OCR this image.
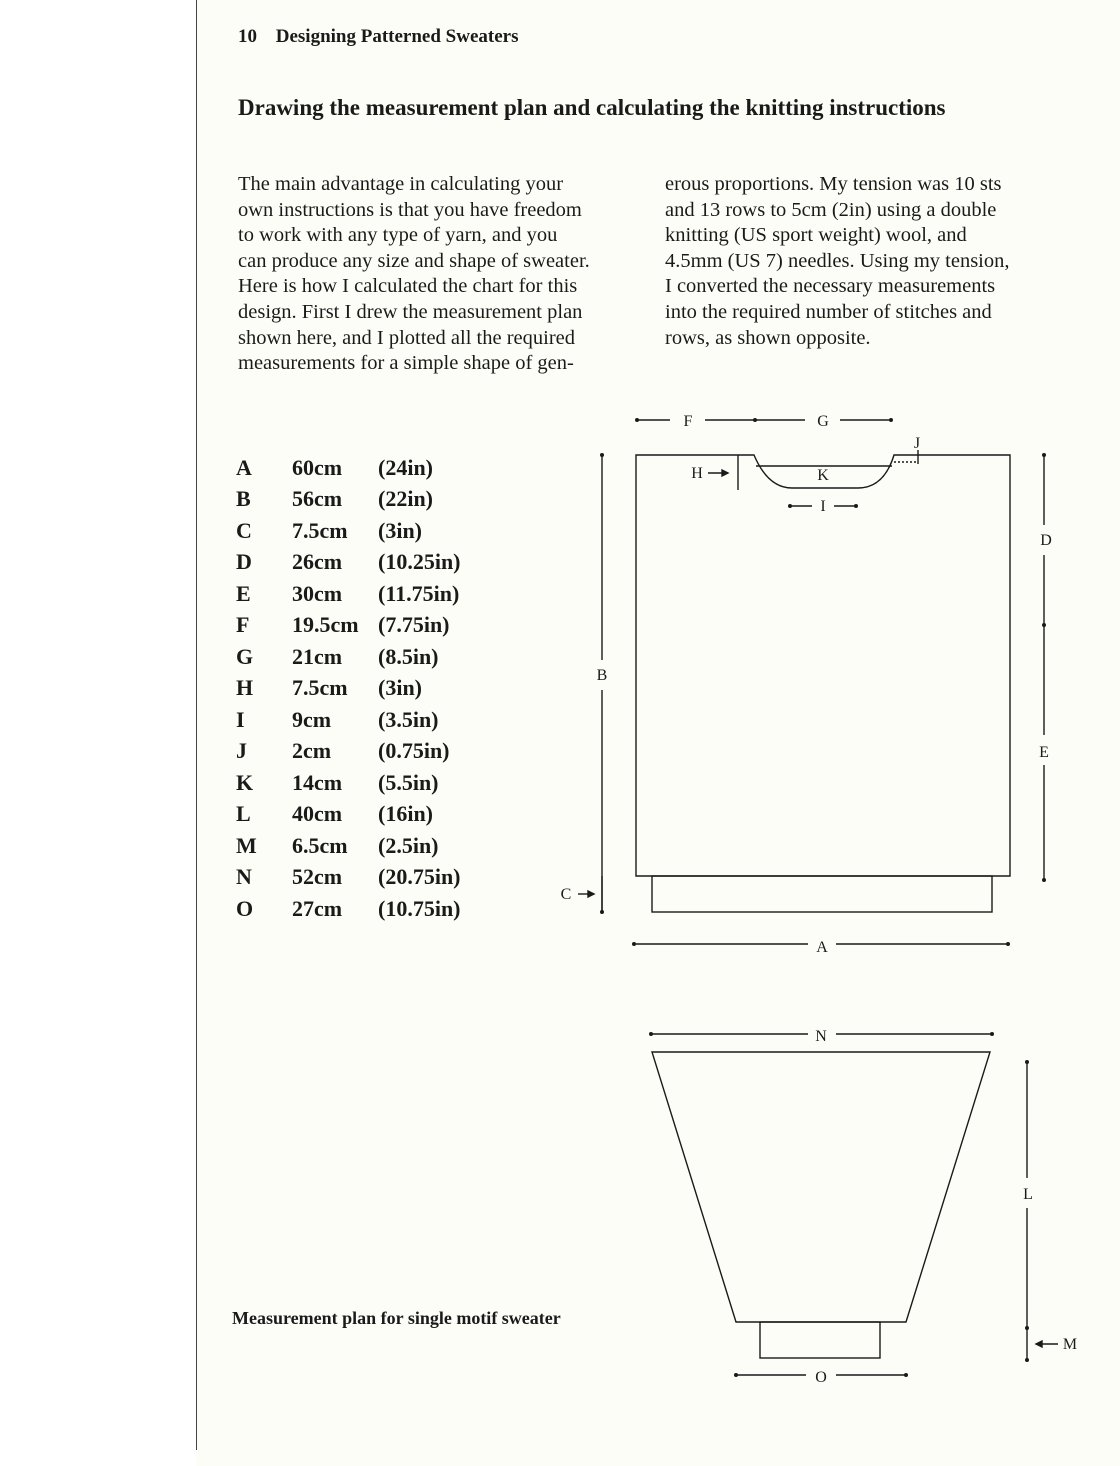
10 Designing Patterned Sweaters
Drawing the measurement plan and calculating the knitting instructions

The main advantage in calculating your
own instructions is that you have freedom
to work with any type of yarn, and you
can produce any size and shape of sweater.
Here is how I calculated the chart for this
design. First I drew the measurement plan
shown here, and I plotted all the required
measurements for a simple shape of gen-

erous proportions. My tension was 10 sts
and 13 rows to 5cm (2in) using a double
knitting (US sport weight) wool, and
4.5mm (US 7) needles. Using my tension,
I converted the necessary measurements
into the required number of stitches and
rows, as shown opposite.

A	60cm	(24in)
B	56cm	(22in)
C	7.5cm	(3in)
D	26cm	(10.25in)
E	30cm	(11.75in)
F	19.5cm (7.75in)
G	21cm	(8.5in)
H	7.5cm	(3in)
I	9cm	(3.5in)
J	2cm	(0.75in)
K	14cm	(5.5in)
L	40cm	(16in)
M	6.5cm	(2.5in)
N	52cm	(20.75in)
O	27cm	(10.75in)
F	G
J
H	K
I
D
B
E
C
A
N
L
M
O
Measurement plan for single motif sweater
